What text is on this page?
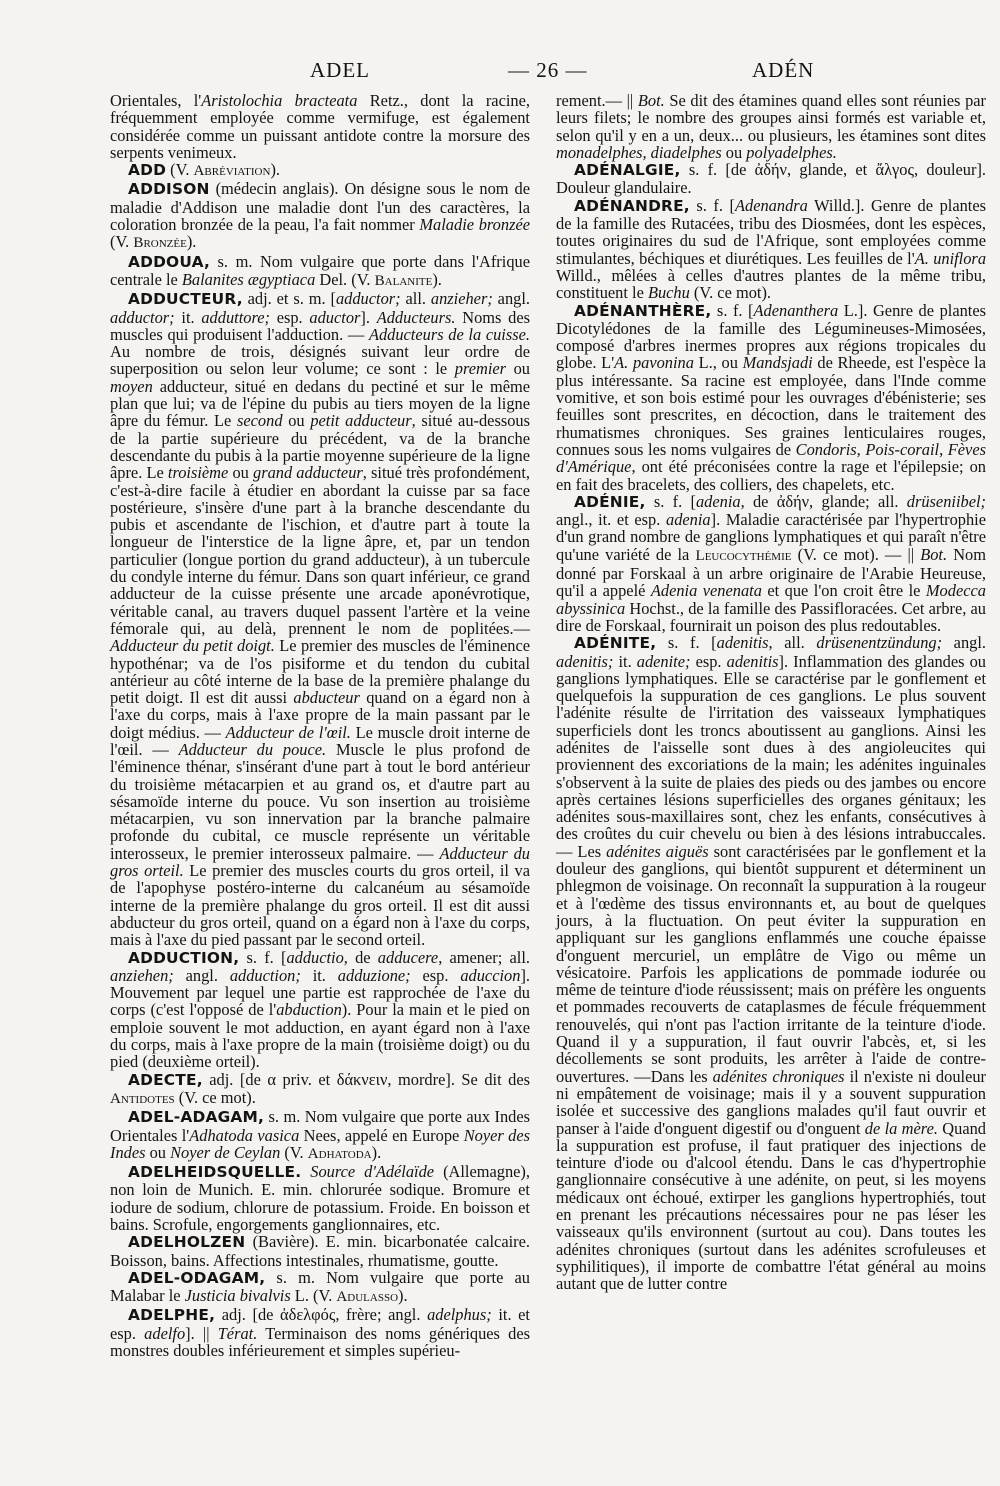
ADEL	— 26 —	ADÉN

Orientales, l'Aristolochia bracteata Retz., dont la racine, fréquemment employée comme vermifuge, est également considérée comme un puissant antidote contre la morsure des serpents venimeux.

ADD (V. Abréviation).

ADDISON (médecin anglais). On désigne sous le nom de maladie d'Addison une maladie dont l'un des caractères, la coloration bronzée de la peau, l'a fait nommer Maladie bronzée (V. Bronzée).

ADDOUA, s. m. Nom vulgaire que porte dans l'Afrique centrale le Balanites ægyptiaca Del. (V. Balanite).

ADDUCTEUR, adj. et s. m. [adductor; all. anzieher; angl. adductor; it. adduttore; esp. aductor]. Adducteurs. Noms des muscles qui produisent l'adduction. — Adducteurs de la cuisse. Au nombre de trois, désignés suivant leur ordre de superposition ou selon leur volume; ce sont : le premier ou moyen adducteur, situé en dedans du pectiné et sur le même plan que lui; va de l'épine du pubis au tiers moyen de la ligne âpre du fémur. Le second ou petit adducteur, situé au-dessous de la partie supérieure du précédent, va de la branche descendante du pubis à la partie moyenne supérieure de la ligne âpre. Le troisième ou grand adducteur, situé très profondément, c'est-à-dire facile à étudier en abordant la cuisse par sa face postérieure, s'insère d'une part à la branche descendante du pubis et ascendante de l'ischion, et d'autre part à toute la longueur de l'interstice de la ligne âpre, et, par un tendon particulier (longue portion du grand adducteur), à un tubercule du condyle interne du fémur. Dans son quart inférieur, ce grand adducteur de la cuisse présente une arcade aponévrotique, véritable canal, au travers duquel passent l'artère et la veine fémorale qui, au delà, prennent le nom de poplitées.— Adducteur du petit doigt. Le premier des muscles de l'éminence hypothénar; va de l'os pisiforme et du tendon du cubital antérieur au côté interne de la base de la première phalange du petit doigt. Il est dit aussi abducteur quand on a égard non à l'axe du corps, mais à l'axe propre de la main passant par le doigt médius. — Adducteur de l'œil. Le muscle droit interne de l'œil. — Adducteur du pouce. Muscle le plus profond de l'éminence thénar, s'insérant d'une part à tout le bord antérieur du troisième métacarpien et au grand os, et d'autre part au sésamoïde interne du pouce. Vu son insertion au troisième métacarpien, vu son innervation par la branche palmaire profonde du cubital, ce muscle représente un véritable interosseux, le premier interosseux palmaire. — Adducteur du gros orteil. Le premier des muscles courts du gros orteil, il va de l'apophyse postéro-interne du calcanéum au sésamoïde interne de la première phalange du gros orteil. Il est dit aussi abducteur du gros orteil, quand on a égard non à l'axe du corps, mais à l'axe du pied passant par le second orteil.

ADDUCTION, s. f. [adductio, de adducere, amener; all. anziehen; angl. adduction; it. adduzione; esp. aduccion]. Mouvement par lequel une partie est rapprochée de l'axe du corps (c'est l'opposé de l'abduction). Pour la main et le pied on emploie souvent le mot adduction, en ayant égard non à l'axe du corps, mais à l'axe propre de la main (troisième doigt) ou du pied (deuxième orteil).

ADECTE, adj. [de α priv. et δάκνειν, mordre]. Se dit des Antidotes (V. ce mot).

ADEL-ADAGAM, s. m. Nom vulgaire que porte aux Indes Orientales l'Adhatoda vasica Nees, appelé en Europe Noyer des Indes ou Noyer de Ceylan (V. Adhatoda).

ADELHEIDSQUELLE. Source d'Adélaïde (Allemagne), non loin de Munich. E. min. chlorurée sodique. Bromure et iodure de sodium, chlorure de potassium. Froide. En boisson et bains. Scrofule, engorgements ganglionnaires, etc.

ADELHOLZEN (Bavière). E. min. bicarbonatée calcaire. Boisson, bains. Affections intestinales, rhumatisme, goutte.

ADEL-ODAGAM, s. m. Nom vulgaire que porte au Malabar le Justicia bivalvis L. (V. Adulasso).

ADELPHE, adj. [de ἀδελφός, frère; angl. adelphus; it. et esp. adelfo]. || Térat. Terminaison des noms génériques des monstres doubles inférieurement et simples supérieu-

rement.— || Bot. Se dit des étamines quand elles sont réunies par leurs filets; le nombre des groupes ainsi formés est variable et, selon qu'il y en a un, deux... ou plusieurs, les étamines sont dites monadelphes, diadelphes ou polyadelphes.

ADÉNALGIE, s. f. [de ἀδήν, glande, et ἄλγος, douleur]. Douleur glandulaire.

ADÉNANDRE, s. f. [Adenandra Willd.]. Genre de plantes de la famille des Rutacées, tribu des Diosmées, dont les espèces, toutes originaires du sud de l'Afrique, sont employées comme stimulantes, béchiques et diurétiques. Les feuilles de l'A. uniflora Willd., mêlées à celles d'autres plantes de la même tribu, constituent le Buchu (V. ce mot).

ADÉNANTHÈRE, s. f. [Adenanthera L.]. Genre de plantes Dicotylédones de la famille des Légumineuses-Mimosées, composé d'arbres inermes propres aux régions tropicales du globe. L'A. pavonina L., ou Mandsjadi de Rheede, est l'espèce la plus intéressante. Sa racine est employée, dans l'Inde comme vomitive, et son bois estimé pour les ouvrages d'ébénisterie; ses feuilles sont prescrites, en décoction, dans le traitement des rhumatismes chroniques. Ses graines lenticulaires rouges, connues sous les noms vulgaires de Condoris, Pois-corail, Fèves d'Amérique, ont été préconisées contre la rage et l'épilepsie; on en fait des bracelets, des colliers, des chapelets, etc.

ADÉNIE, s. f. [adenia, de ἀδήν, glande; all. drüseniibel; angl., it. et esp. adenia]. Maladie caractérisée par l'hypertrophie d'un grand nombre de ganglions lymphatiques et qui paraît n'être qu'une variété de la Leucocythémie (V. ce mot). — || Bot. Nom donné par Forskaal à un arbre originaire de l'Arabie Heureuse, qu'il a appelé Adenia venenata et que l'on croit être le Modecca abyssinica Hochst., de la famille des Passifloracées. Cet arbre, au dire de Forskaal, fournirait un poison des plus redoutables.

ADÉNITE, s. f. [adenitis, all. drüsenentzündung; angl. adenitis; it. adenite; esp. adenitis]. Inflammation des glandes ou ganglions lymphatiques. Elle se caractérise par le gonflement et quelquefois la suppuration de ces ganglions. Le plus souvent l'adénite résulte de l'irritation des vaisseaux lymphatiques superficiels dont les troncs aboutissent au ganglions. Ainsi les adénites de l'aisselle sont dues à des angioleucites qui proviennent des excoriations de la main; les adénites inguinales s'observent à la suite de plaies des pieds ou des jambes ou encore après certaines lésions superficielles des organes génitaux; les adénites sous-maxillaires sont, chez les enfants, consécutives à des croûtes du cuir chevelu ou bien à des lésions intrabuccales. — Les adénites aiguës sont caractérisées par le gonflement et la douleur des ganglions, qui bientôt suppurent et déterminent un phlegmon de voisinage. On reconnaît la suppuration à la rougeur et à l'œdème des tissus environnants et, au bout de quelques jours, à la fluctuation. On peut éviter la suppuration en appliquant sur les ganglions enflammés une couche épaisse d'onguent mercuriel, un emplâtre de Vigo ou même un vésicatoire. Parfois les applications de pommade iodurée ou même de teinture d'iode réussissent; mais on préfère les onguents et pommades recouverts de cataplasmes de fécule fréquemment renouvelés, qui n'ont pas l'action irritante de la teinture d'iode. Quand il y a suppuration, il faut ouvrir l'abcès, et, si les décollements se sont produits, les arrêter à l'aide de contre-ouvertures. —Dans les adénites chroniques il n'existe ni douleur ni empâtement de voisinage; mais il y a souvent suppuration isolée et successive des ganglions malades qu'il faut ouvrir et panser à l'aide d'onguent digestif ou d'onguent de la mère. Quand la suppuration est profuse, il faut pratiquer des injections de teinture d'iode ou d'alcool étendu. Dans le cas d'hypertrophie ganglionnaire consécutive à une adénite, on peut, si les moyens médicaux ont échoué, extirper les ganglions hypertrophiés, tout en prenant les précautions nécessaires pour ne pas léser les vaisseaux qu'ils environnent (surtout au cou). Dans toutes les adénites chroniques (surtout dans les adénites scrofuleuses et syphilitiques), il importe de combattre l'état général au moins autant que de lutter contre
